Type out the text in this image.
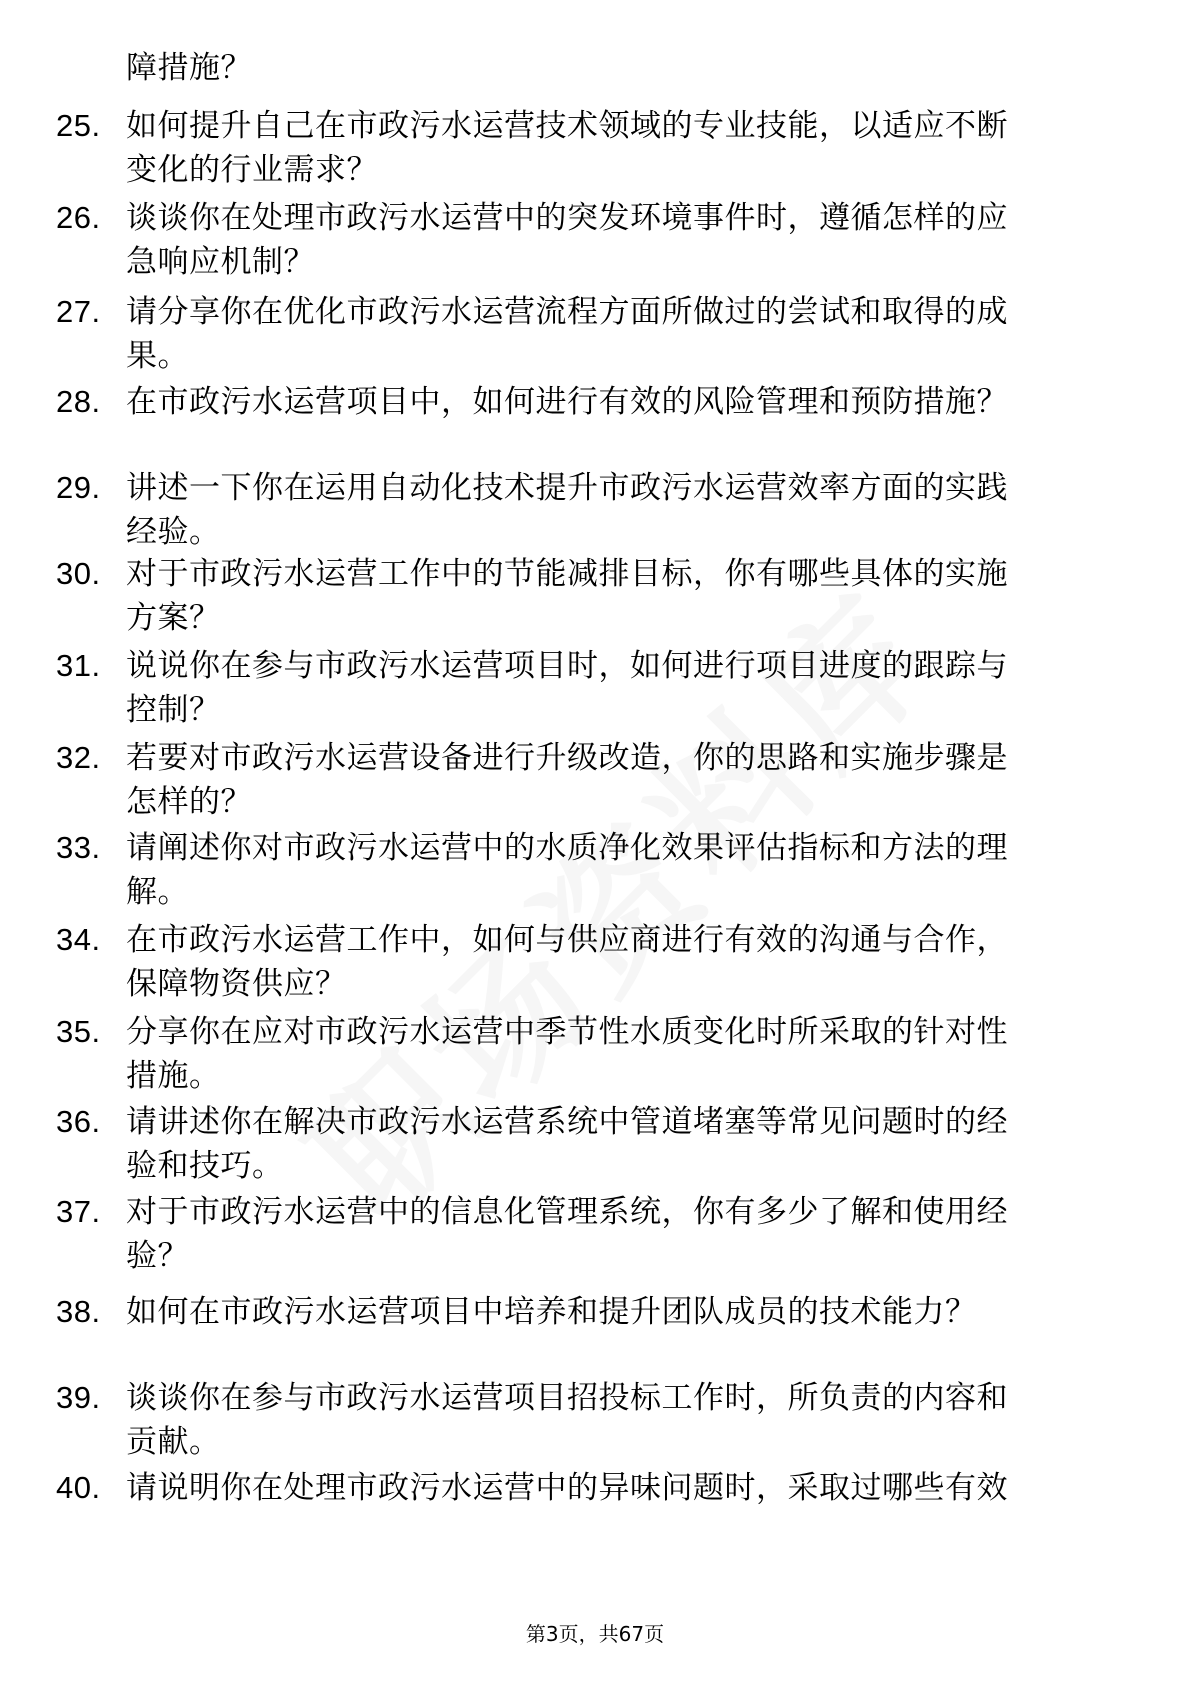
障措施？
25. 如何提升自己在市政污水运营技术领域的专业技能，以适应不断
变化的行业需求？
26. 谈谈你在处理市政污水运营中的突发环境事件时，遵循怎样的应
急响应机制？
27. 请分享你在优化市政污水运营流程方面所做过的尝试和取得的成
果。
28. 在市政污水运营项目中，如何进行有效的风险管理和预防措施？
29. 讲述一下你在运用自动化技术提升市政污水运营效率方面的实践
经验。
30. 对于市政污水运营工作中的节能减排目标，你有哪些具体的实施
方案？
31. 说说你在参与市政污水运营项目时，如何进行项目进度的跟踪与
控制？
32. 若要对市政污水运营设备进行升级改造，你的思路和实施步骤是
怎样的？
33. 请阐述你对市政污水运营中的水质净化效果评估指标和方法的理
解。
34. 在市政污水运营工作中，如何与供应商进行有效的沟通与合作，
保障物资供应？
35. 分享你在应对市政污水运营中季节性水质变化时所采取的针对性
措施。
36. 请讲述你在解决市政污水运营系统中管道堵塞等常见问题时的经
验和技巧。
37. 对于市政污水运营中的信息化管理系统，你有多少了解和使用经
验？
38. 如何在市政污水运营项目中培养和提升团队成员的技术能力？
39. 谈谈你在参与市政污水运营项目招投标工作时，所负责的内容和
贡献。
40. 请说明你在处理市政污水运营中的异味问题时，采取过哪些有效
第3页，共67页
